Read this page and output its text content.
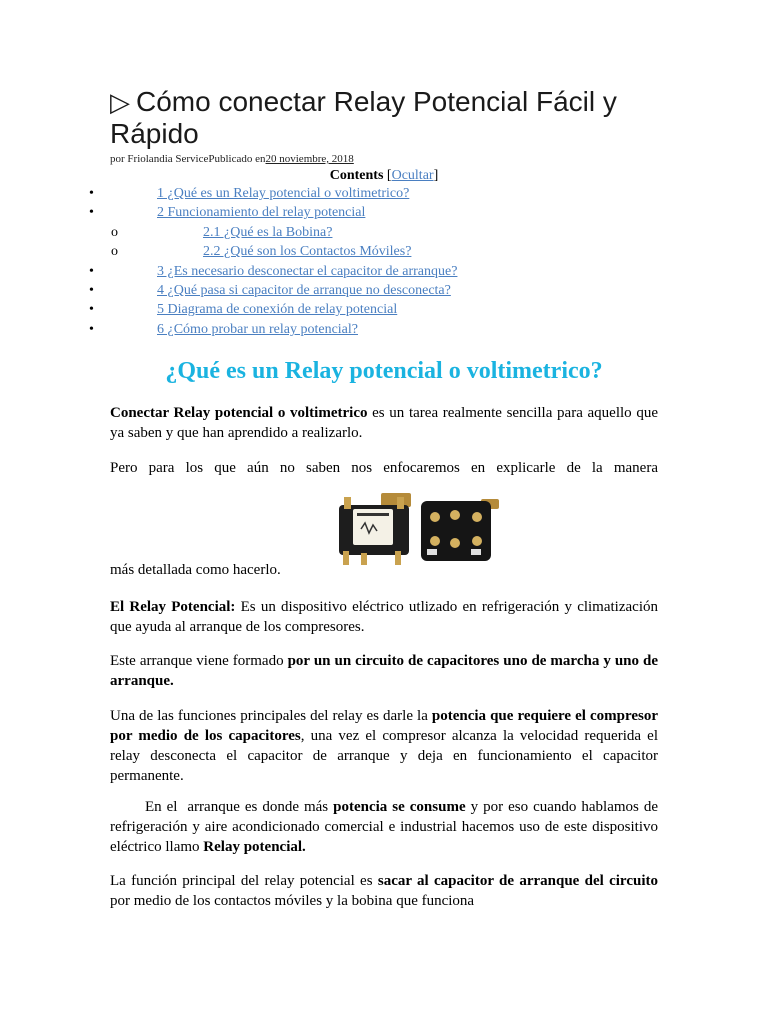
▷ Cómo conectar Relay Potencial Fácil y Rápido
por Friolandia ServicePublicado en20 noviembre, 2018
Contents [Ocultar]
•	1 ¿Qué es un Relay potencial o voltimetrico?
•	2 Funcionamiento del relay potencial
o	2.1 ¿Qué es la Bobina?
o	2.2 ¿Qué son los Contactos Móviles?
•	3 ¿Es necesario desconectar el capacitor de arranque?
•	4 ¿Qué pasa si capacitor de arranque no desconecta?
•	5 Diagrama de conexión de relay potencial
•	6 ¿Cómo probar un relay potencial?
¿Qué es un Relay potencial o voltimetrico?

Conectar Relay potencial o voltimetrico es un tarea realmente sencilla para aquello que ya saben y que han aprendido a realizarlo.

Pero para los que aún no saben nos enfocaremos en explicarle de la manera

más detallada como hacerlo.

El Relay Potencial: Es un dispositivo eléctrico utlizado en refrigeración y climatización que ayuda al arranque de los compresores.

Este arranque viene formado por un un circuito de capacitores uno de marcha y uno de arranque.

Una de las funciones principales del relay es darle la potencia que requiere el compresor por medio de los capacitores, una vez el compresor alcanza la velocidad requerida el relay desconecta el capacitor de arranque y deja en funcionamiento el capacitor permanente.

En el  arranque es donde más potencia se consume y por eso cuando hablamos de refrigeración y aire acondicionado comercial e industrial hacemos uso de este dispositivo eléctrico llamo Relay potencial.

La función principal del relay potencial es sacar al capacitor de arranque del circuito por medio de los contactos móviles y la bobina que funciona
